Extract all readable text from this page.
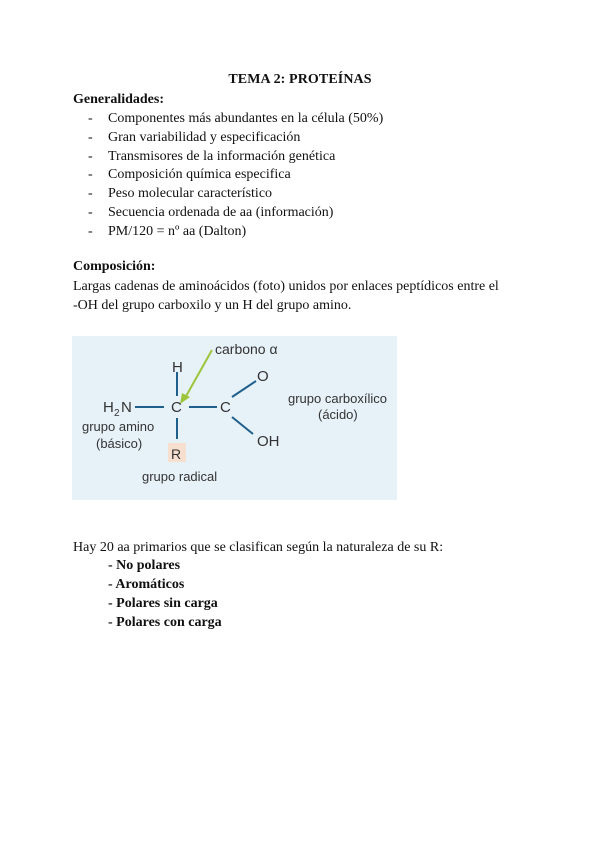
TEMA 2: PROTEÍNAS
Generalidades:
- Componentes más abundantes en la célula (50%)
- Gran variabilidad y especificación
- Transmisores de la información genética
- Composición química especifica
- Peso molecular característico
- Secuencia ordenada de aa (información)
- PM/120 = nº aa (Dalton)
Composición:
Largas cadenas de aminoácidos (foto) unidos por enlaces peptídicos entre el
-OH del grupo carboxilo y un H del grupo amino.
carbono α
H
H 2 N	C	C
O
OH
R
grupo amino
(básico)
grupo carboxílico
(ácido)
grupo radical
Hay 20 aa primarios que se clasifican según la naturaleza de su R:
- No polares
- Aromáticos
- Polares sin carga
- Polares con carga
